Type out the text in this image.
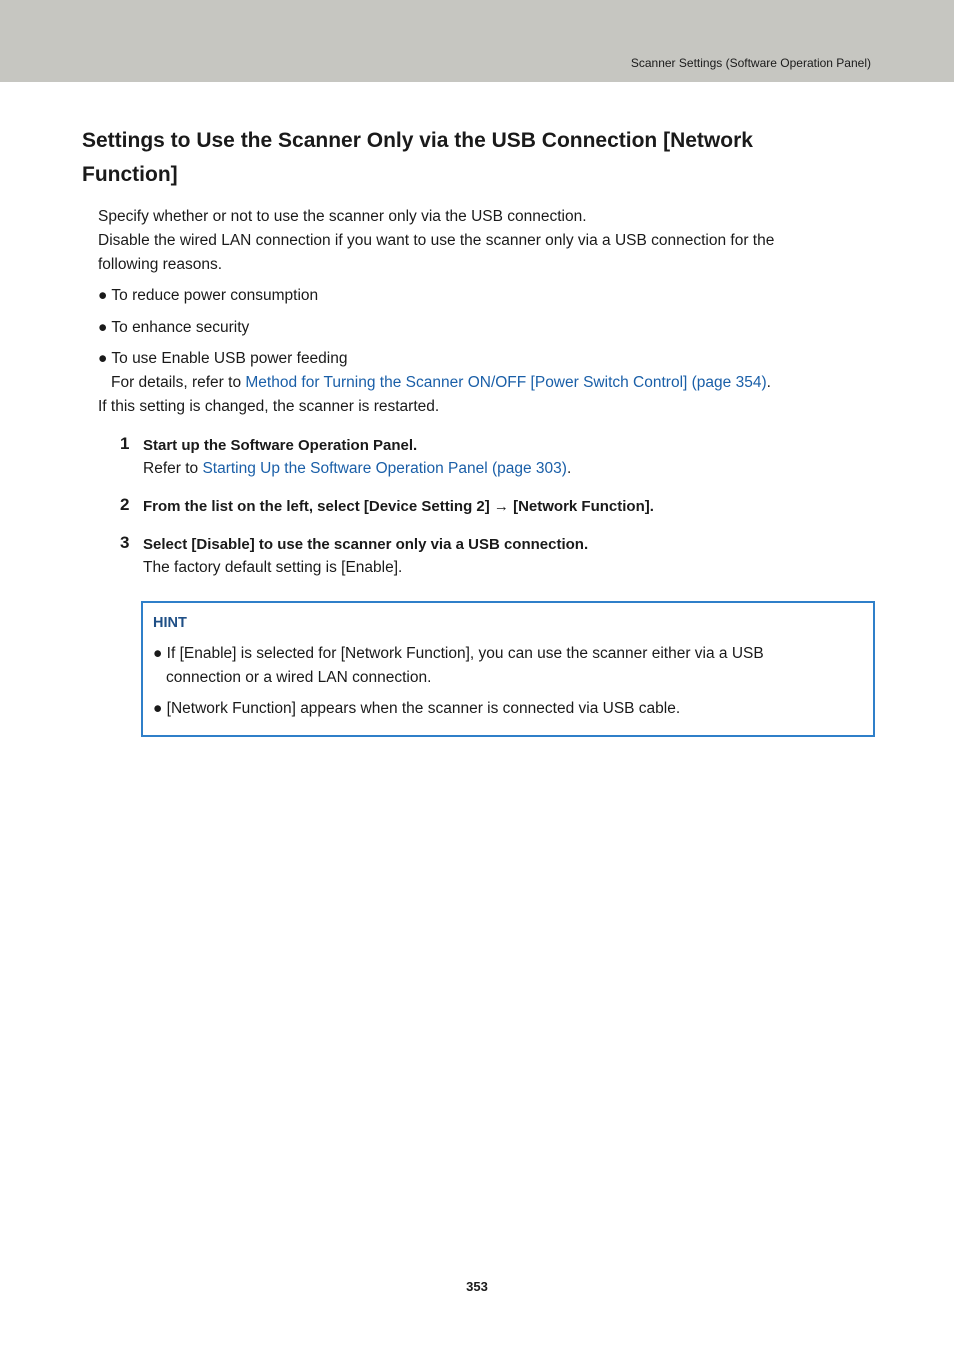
Scanner Settings (Software Operation Panel)
Settings to Use the Scanner Only via the USB Connection [Network
Function]
Specify whether or not to use the scanner only via the USB connection.
Disable the wired LAN connection if you want to use the scanner only via a USB connection for the
following reasons.
● To reduce power consumption
● To enhance security
● To use Enable USB power feeding
For details, refer to Method for Turning the Scanner ON/OFF [Power Switch Control] (page 354).
If this setting is changed, the scanner is restarted.
1 Start up the Software Operation Panel.
Refer to Starting Up the Software Operation Panel (page 303).
2 From the list on the left, select [Device Setting 2] → [Network Function].
3 Select [Disable] to use the scanner only via a USB connection.
The factory default setting is [Enable].
HINT
● If [Enable] is selected for [Network Function], you can use the scanner either via a USB
connection or a wired LAN connection.
● [Network Function] appears when the scanner is connected via USB cable.
353
